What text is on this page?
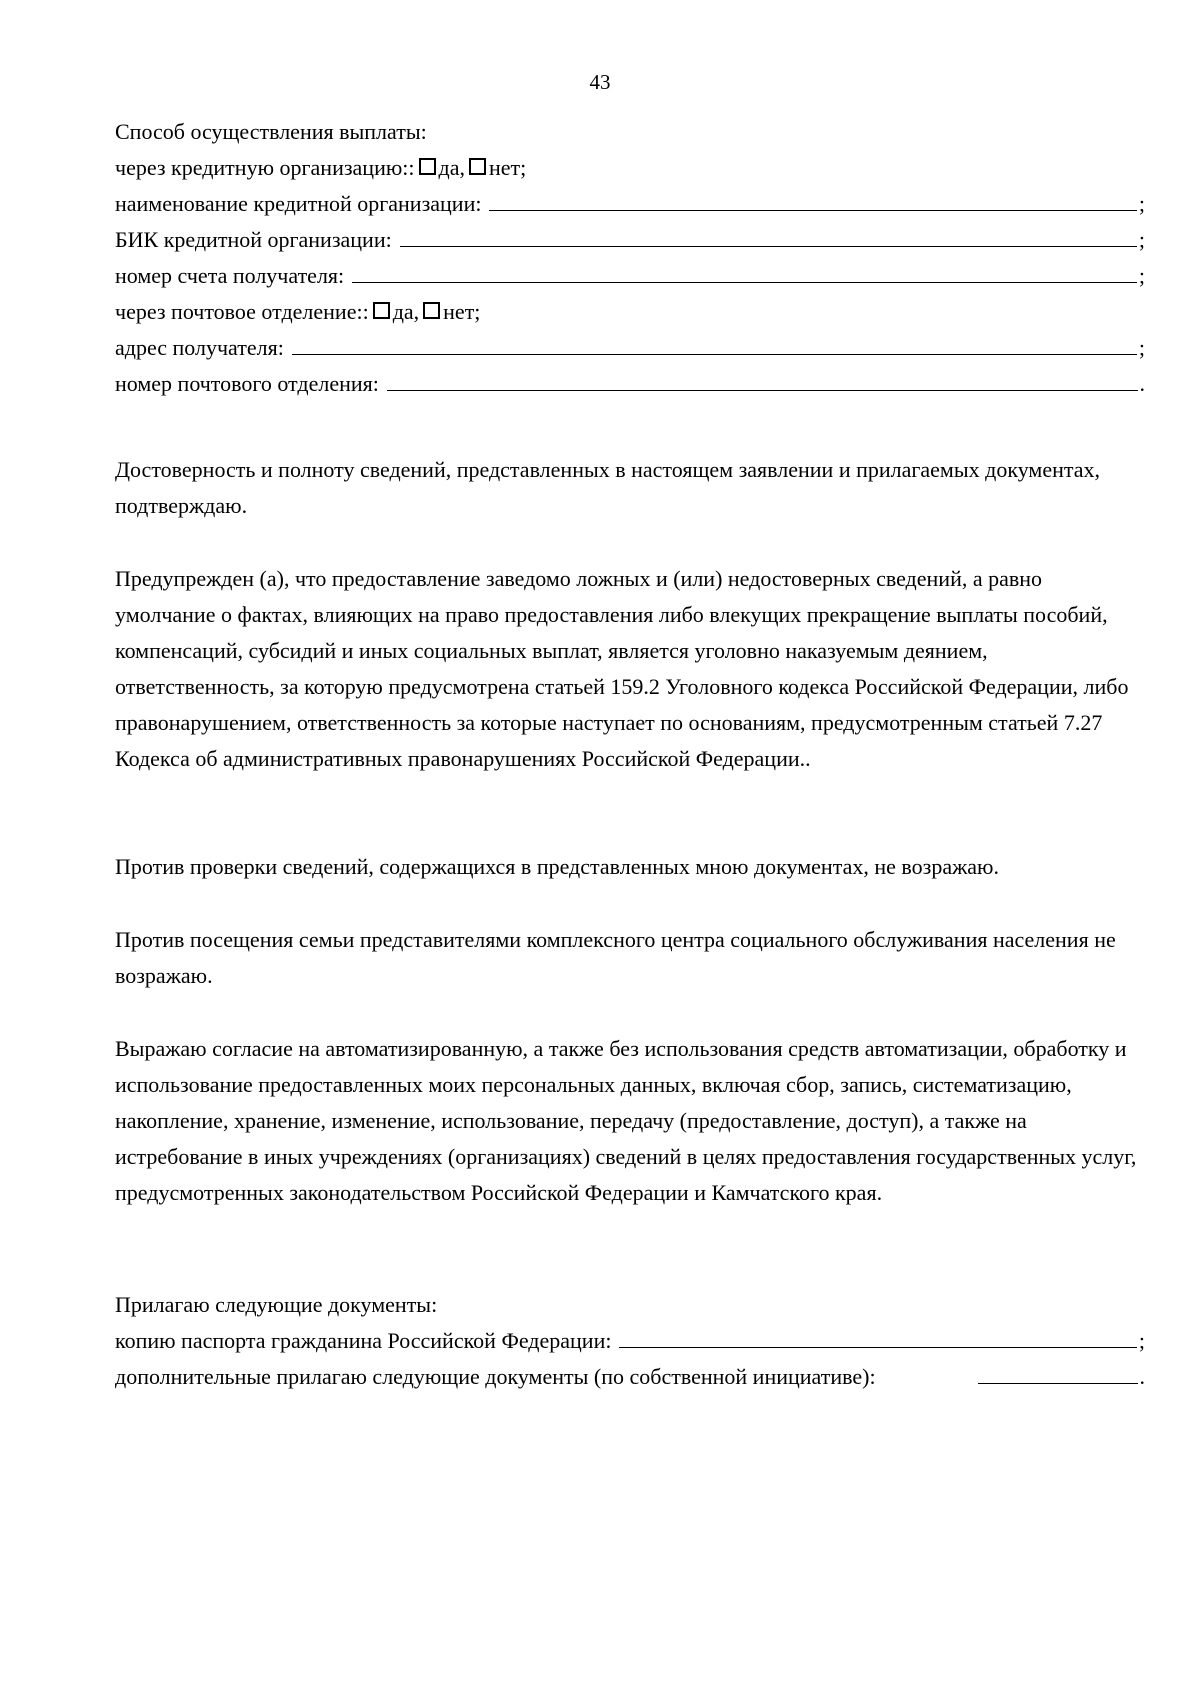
43
Способ осуществления выплаты:
через кредитную организацию:: да, нет;
наименование кредитной организации:	;
БИК кредитной организации:	;
номер счета получателя:	;
через почтовое отделение:: да, нет;
адрес получателя:	;
номер почтового отделения:	.
Достоверность и полноту сведений, представленных в настоящем заявлении и прилагаемых документах, подтверждаю.
Предупрежден (а), что предоставление заведомо ложных и (или) недостоверных сведений, а равно умолчание о фактах, влияющих на право предоставления либо влекущих прекращение выплаты пособий, компенсаций, субсидий и иных социальных выплат, является уголовно наказуемым деянием, ответственность, за которую предусмотрена статьей 159.2 Уголовного кодекса Российской Федерации, либо правонарушением, ответственность за которые наступает по основаниям, предусмотренным статьей 7.27 Кодекса об административных правонарушениях Российской Федерации..
Против проверки сведений, содержащихся в представленных мною документах, не возражаю.
Против посещения семьи представителями комплексного центра социального обслуживания населения не возражаю.
Выражаю согласие на автоматизированную, а также без использования средств автоматизации, обработку и использование предоставленных моих персональных данных, включая сбор, запись, систематизацию, накопление, хранение, изменение, использование, передачу (предоставление, доступ), а также на истребование в иных учреждениях (организациях) сведений в целях предоставления государственных услуг, предусмотренных законодательством Российской Федерации и Камчатского края.
Прилагаю следующие документы:
копию паспорта гражданина Российской Федерации:	;
дополнительные прилагаю следующие документы (по собственной инициативе):	.
